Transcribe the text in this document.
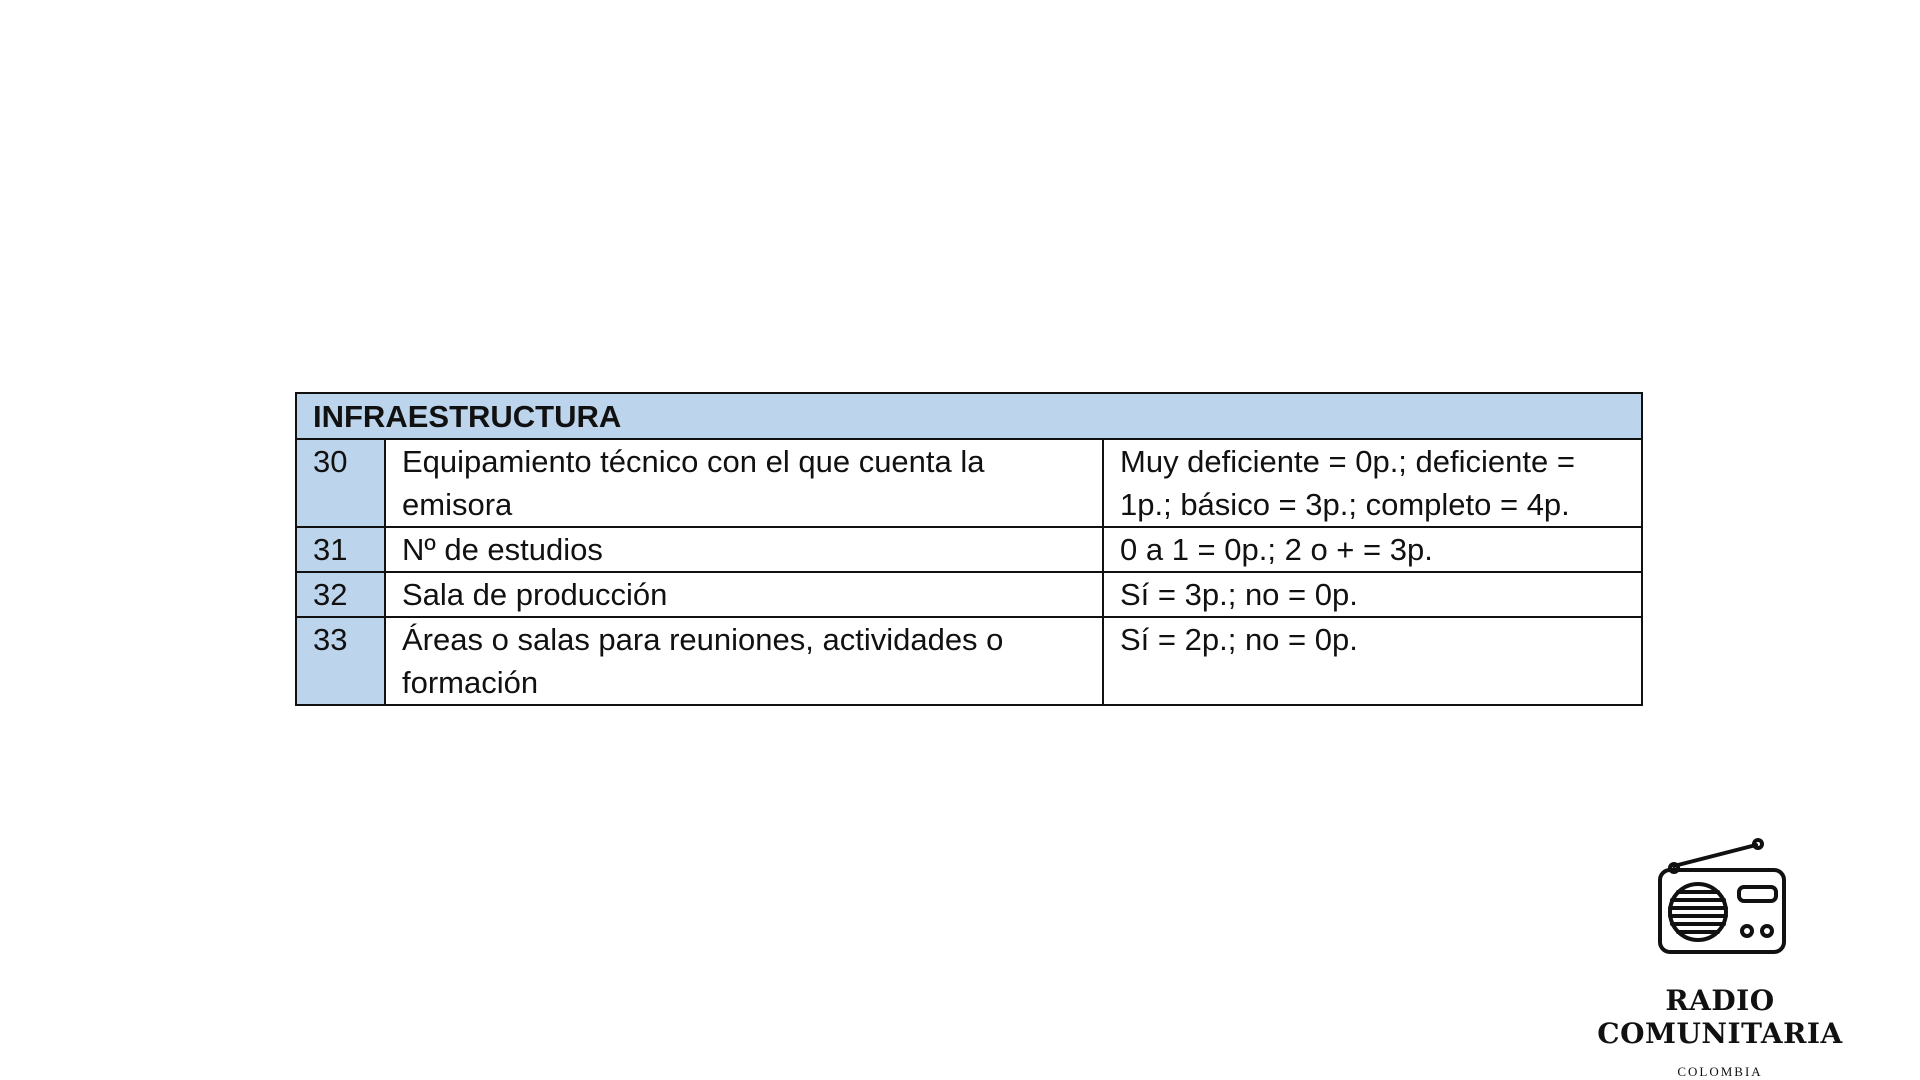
INFRAESTRUCTURA		
30	Equipamiento técnico con el que cuenta la emisora	Muy deficiente = 0p.; deficiente = 1p.; básico = 3p.; completo = 4p.
31	Nº de estudios	0 a 1 = 0p.; 2 o + = 3p.
32	Sala de producción	Sí = 3p.; no = 0p.
33	Áreas o salas para reuniones, actividades o formación	Sí = 2p.; no = 0p.
RADIO COMUNITARIA
COLOMBIA
